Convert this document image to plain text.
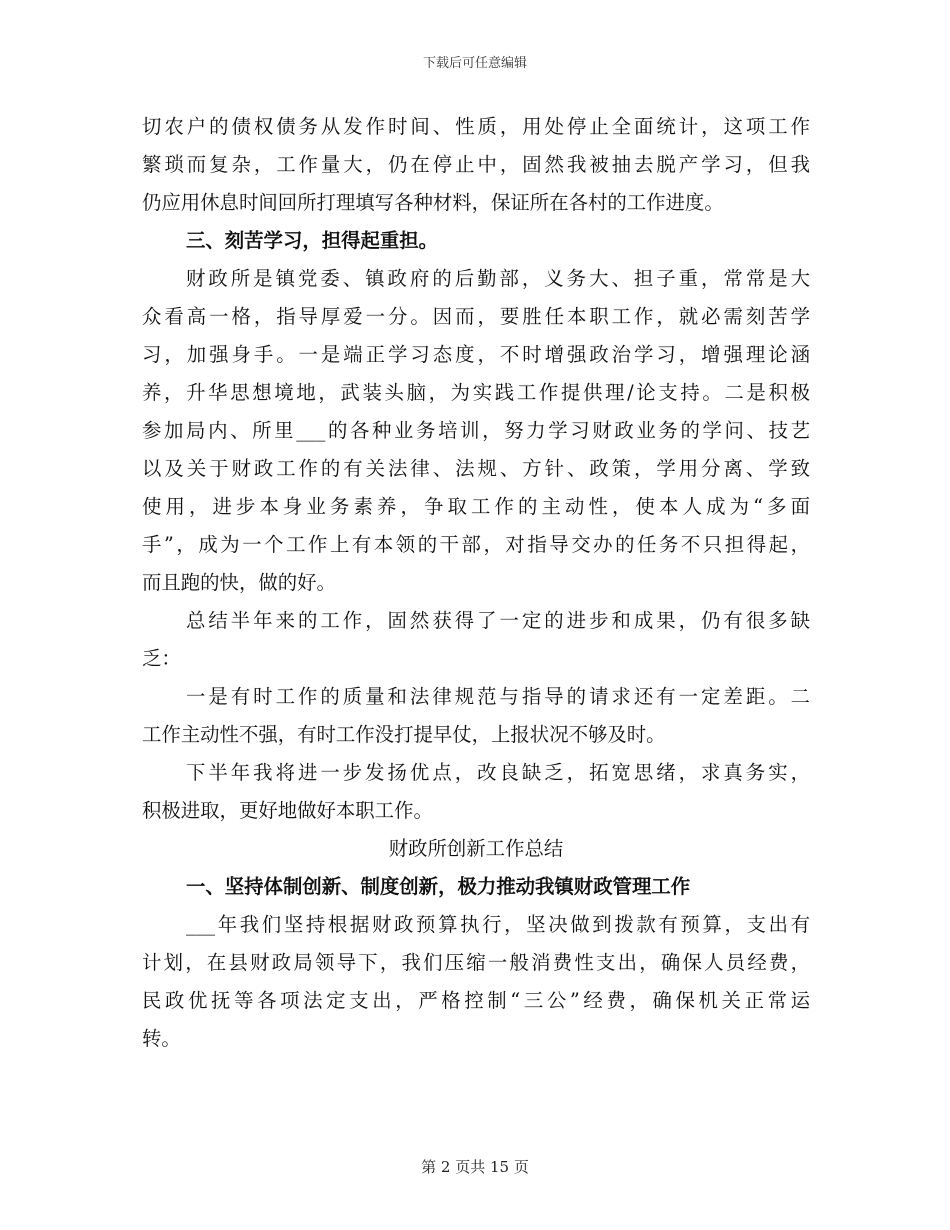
下载后可任意编辑
切农户的债权债务从发作时间、性质，用处停止全面统计，这项工作
繁琐而复杂，工作量大，仍在停止中，固然我被抽去脱产学习，但我
仍应用休息时间回所打理填写各种材料，保证所在各村的工作进度。
三、刻苦学习，担得起重担。
财政所是镇党委、镇政府的后勤部，义务大、担子重，常常是大
众看高一格，指导厚爱一分。因而，要胜任本职工作，就必需刻苦学
习，加强身手。一是端正学习态度，不时增强政治学习，增强理论涵
养，升华思想境地，武装头脑，为实践工作提供理/论支持。二是积极
参加局内、所里___的各种业务培训，努力学习财政业务的学问、技艺
以及关于财政工作的有关法律、法规、方针、政策，学用分离、学致
使用，进步本身业务素养，争取工作的主动性，使本人成为“多面
手”，成为一个工作上有本领的干部，对指导交办的任务不只担得起，
而且跑的快，做的好。
总结半年来的工作，固然获得了一定的进步和成果，仍有很多缺
乏：
一是有时工作的质量和法律规范与指导的请求还有一定差距。二
工作主动性不强，有时工作没打提早仗，上报状况不够及时。
下半年我将进一步发扬优点，改良缺乏，拓宽思绪，求真务实，
积极进取，更好地做好本职工作。
财政所创新工作总结
一、坚持体制创新、制度创新，极力推动我镇财政管理工作
___年我们坚持根据财政预算执行，坚决做到拨款有预算，支出有
计划，在县财政局领导下，我们压缩一般消费性支出，确保人员经费，
民政优抚等各项法定支出，严格控制“三公”经费，确保机关正常运
转。
第 2 页共 15 页
